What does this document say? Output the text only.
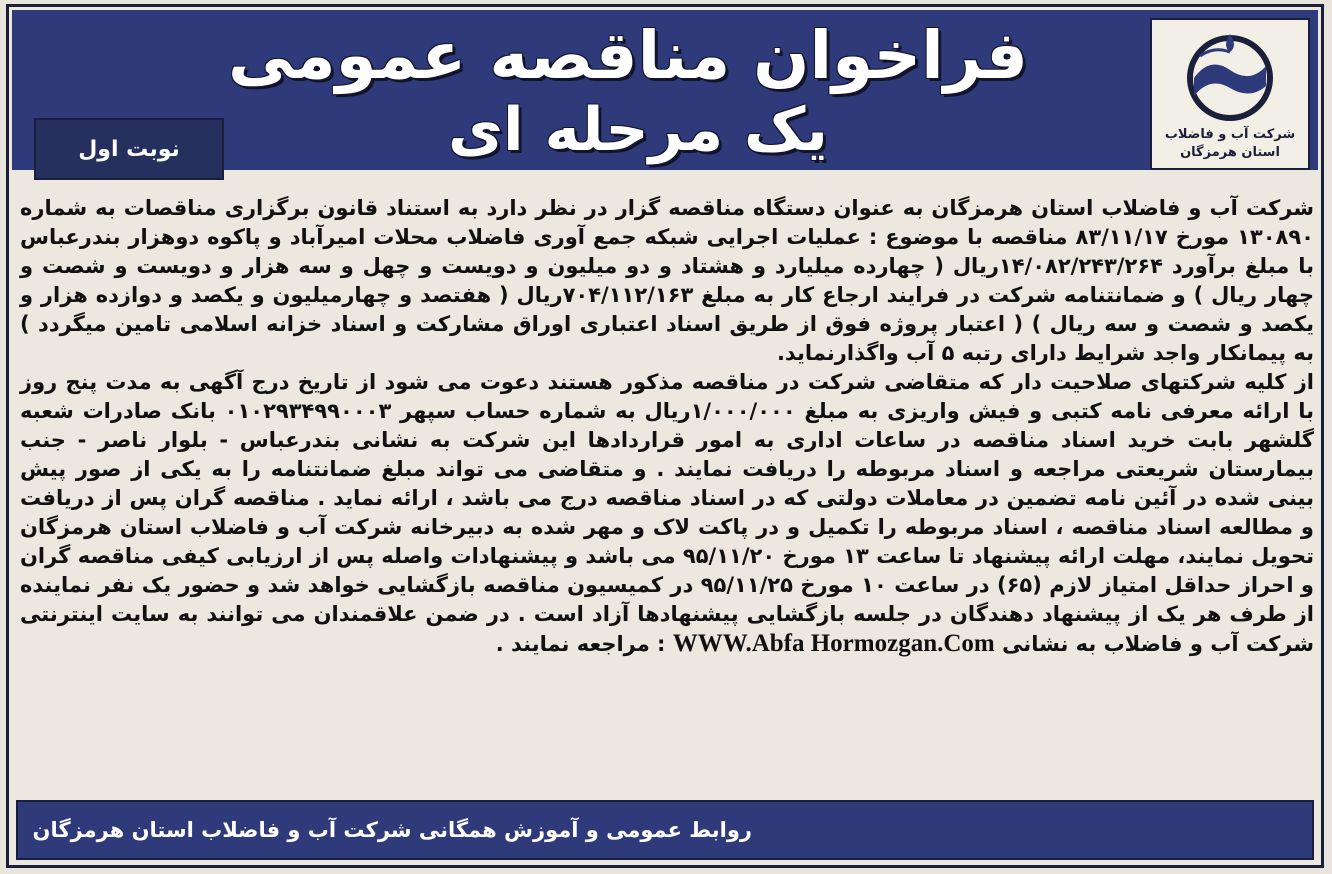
فراخوان مناقصه عمومی
یک مرحله ای
نوبت اول
شرکت آب و فاضلاب
استان هرمزگان

شرکت آب و فاضلاب استان هرمزگان به عنوان دستگاه مناقصه گزار در نظر دارد به استناد قانون برگزاری مناقصات به شماره ۱۳۰۸۹۰ مورخ ۸۳/۱۱/۱۷ مناقصه با موضوع : عملیات اجرایی شبکه جمع آوری فاضلاب محلات امیرآباد و پاکوه دوهزار بندرعباس با مبلغ برآورد ۱۴/۰۸۲/۲۴۳/۲۶۴ریال ( چهارده میلیارد و هشتاد و دو میلیون و دویست و چهل و سه هزار و دویست و شصت و چهار ریال ) و ضمانتنامه شرکت در فرایند ارجاع کار به مبلغ ۷۰۴/۱۱۲/۱۶۳ریال ( هفتصد و چهارمیلیون و یکصد و دوازده هزار و یکصد و شصت و سه ریال ) ( اعتبار پروژه فوق از طریق اسناد اعتباری اوراق مشارکت و اسناد خزانه اسلامی تامین میگردد ) به پیمانکار واجد شرایط دارای رتبه ۵ آب واگذارنماید.

از کلیه شرکتهای صلاحیت دار که متقاضی شرکت در مناقصه مذکور هستند دعوت می شود از تاریخ درج آگهی به مدت پنج روز با ارائه معرفی نامه کتبی و فیش واریزی به مبلغ ۱/۰۰۰/۰۰۰ریال به شماره حساب سپهر ۰۱۰۲۹۳۴۹۹۰۰۰۳ بانک صادرات شعبه گلشهر بابت خرید اسناد مناقصه در ساعات اداری به امور قراردادها این شرکت به نشانی بندرعباس - بلوار ناصر - جنب بیمارستان شریعتی مراجعه و اسناد مربوطه را دریافت نمایند . و متقاضی می تواند مبلغ ضمانتنامه را به یکی از صور پیش بینی شده در آئین نامه تضمین در معاملات دولتی که در اسناد مناقصه درج می باشد ، ارائه نماید . مناقصه گران پس از دریافت و مطالعه اسناد مناقصه ، اسناد مربوطه را تکمیل و در پاکت لاک و مهر شده به دبیرخانه شرکت آب و فاضلاب استان هرمزگان تحویل نمایند، مهلت ارائه پیشنهاد تا ساعت ۱۳ مورخ ۹۵/۱۱/۲۰ می باشد و پیشنهادات واصله پس از ارزیابی کیفی مناقصه گران و احراز حداقل امتیاز لازم (۶۵) در ساعت ۱۰ مورخ ۹۵/۱۱/۲۵ در کمیسیون مناقصه بازگشایی خواهد شد و حضور یک نفر نماینده از طرف هر یک از پیشنهاد دهندگان در جلسه بازگشایی پیشنهادها آزاد است . در ضمن علاقمندان می توانند به سایت اینترنتی شرکت آب و فاضلاب به نشانی WWW.Abfa Hormozgan.Com : مراجعه نمایند .

روابط عمومی و آموزش همگانی شرکت آب و فاضلاب استان هرمزگان
